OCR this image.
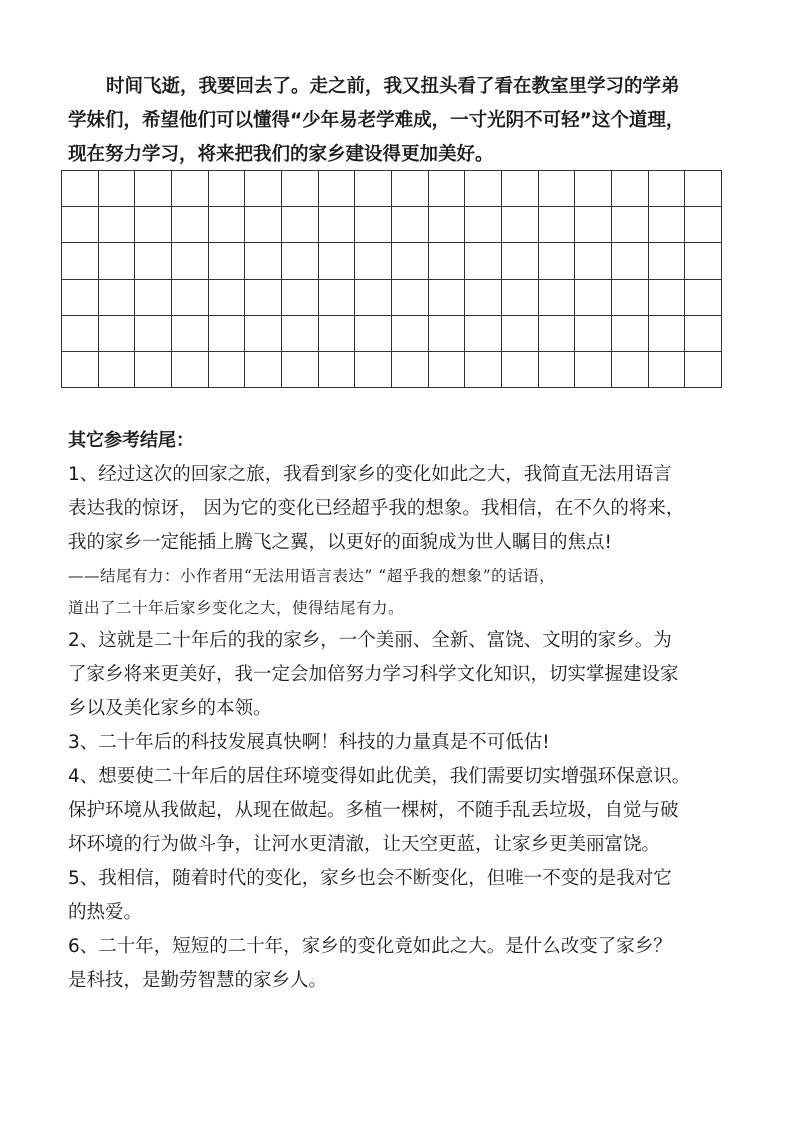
时间飞逝，我要回去了。走之前，我又扭头看了看在教室里学习的学弟

学妹们，希望他们可以懂得“少年易老学难成，一寸光阴不可轻”这个道理，

现在努力学习，将来把我们的家乡建设得更加美好。

其它参考结尾：

1、经过这次的回家之旅，我看到家乡的变化如此之大，我简直无法用语言

表达我的惊讶， 因为它的变化已经超乎我的想象。我相信，在不久的将来，

我的家乡一定能插上腾飞之翼，以更好的面貌成为世人瞩目的焦点!

——结尾有力：小作者用“无法用语言表达” “超乎我的想象”的话语，

道出了二十年后家乡变化之大，使得结尾有力。

2、这就是二十年后的我的家乡，一个美丽、全新、富饶、文明的家乡。为

了家乡将来更美好，我一定会加倍努力学习科学文化知识，切实掌握建设家

乡以及美化家乡的本领。

3、二十年后的科技发展真快啊！科技的力量真是不可低估!

4、想要使二十年后的居住环境变得如此优美，我们需要切实增强环保意识。

保护环境从我做起，从现在做起。多植一棵树，不随手乱丢垃圾，自觉与破

坏环境的行为做斗争，让河水更清澈，让天空更蓝，让家乡更美丽富饶。

5、我相信，随着时代的变化，家乡也会不断变化，但唯一不变的是我对它

的热爱。

6、二十年，短短的二十年，家乡的变化竟如此之大。是什么改变了家乡？

是科技，是勤劳智慧的家乡人。
